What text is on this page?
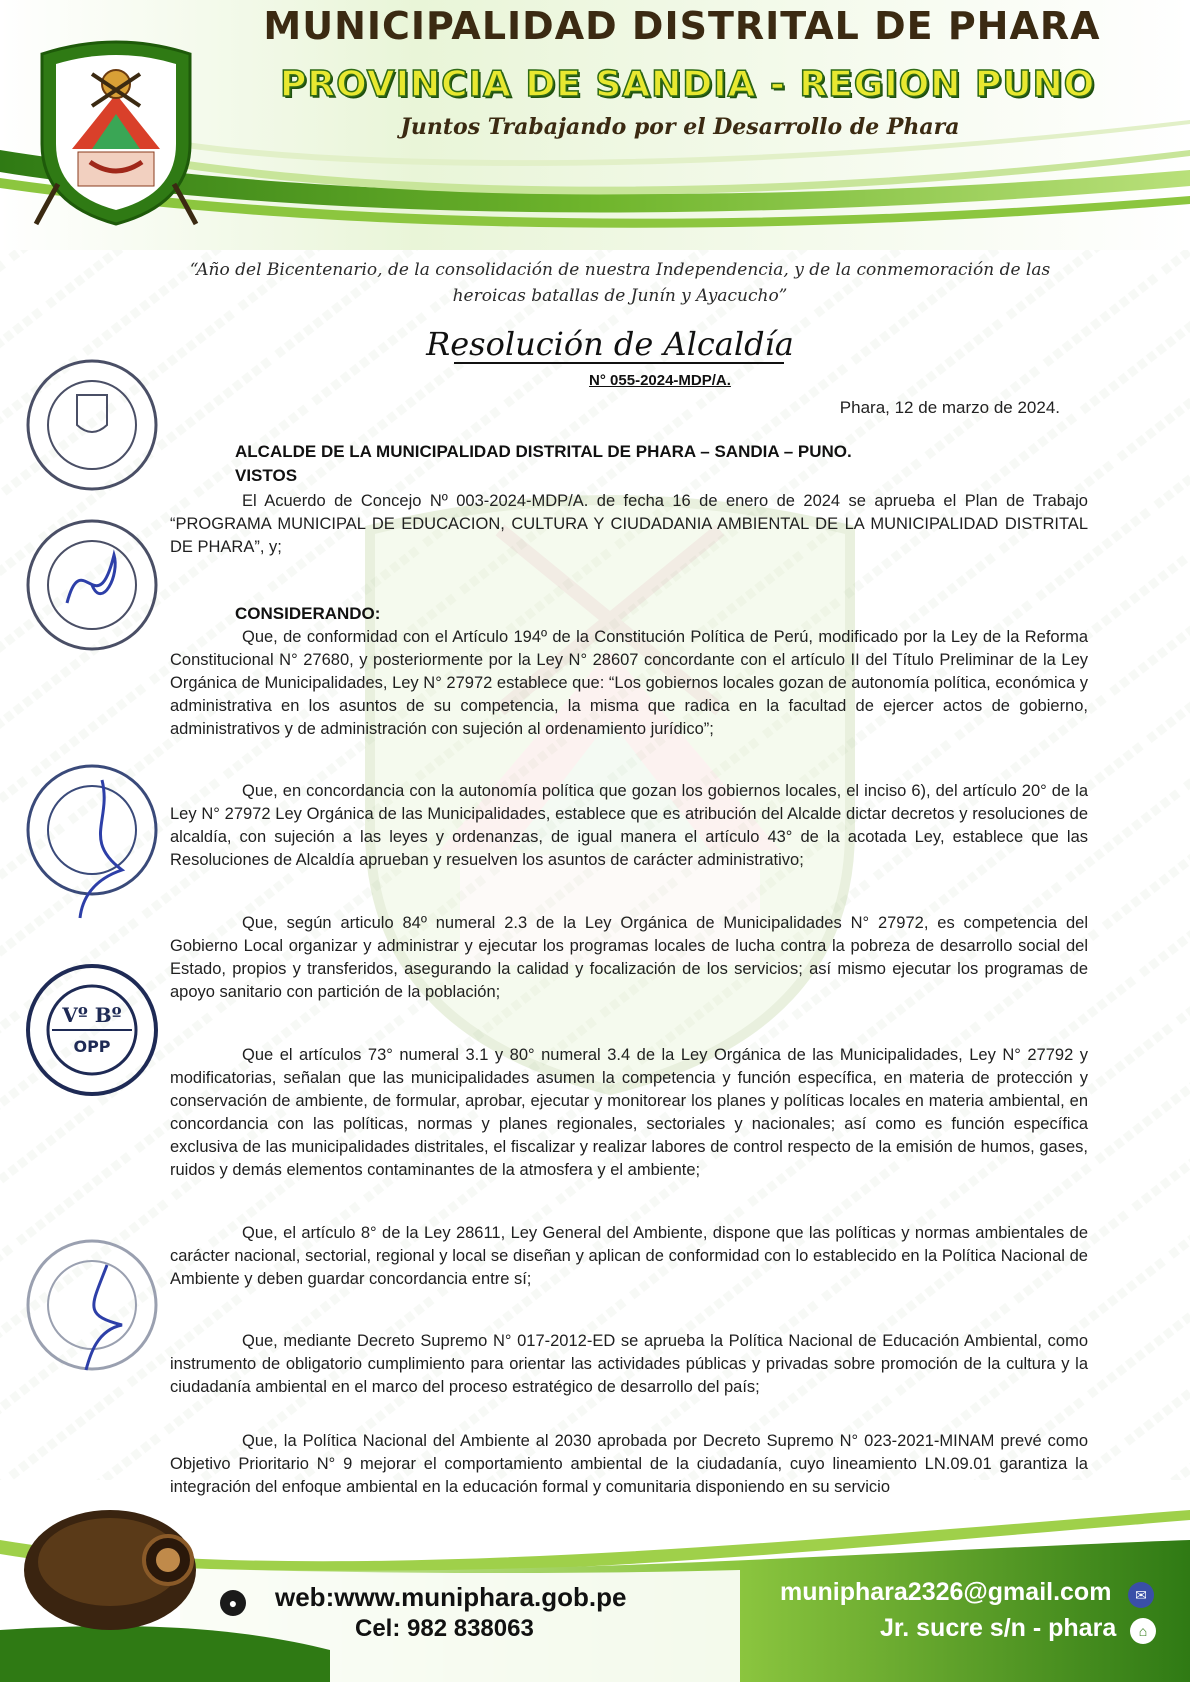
MUNICIPALIDAD DISTRITAL DE PHARA
PROVINCIA DE SANDIA - REGION PUNO
Juntos Trabajando por el Desarrollo de Phara
“Año del Bicentenario, de la consolidación de nuestra Independencia, y de la conmemoración de las heroicas batallas de Junín y Ayacucho”
Resolución de Alcaldía
N° 055-2024-MDP/A.
Phara, 12 de marzo de 2024.
ALCALDE DE LA MUNICIPALIDAD DISTRITAL DE PHARA – SANDIA – PUNO.
VISTOS
El Acuerdo de Concejo Nº 003-2024-MDP/A. de fecha 16 de enero de 2024 se aprueba el Plan de Trabajo “PROGRAMA MUNICIPAL DE EDUCACION, CULTURA Y CIUDADANIA AMBIENTAL DE LA MUNICIPALIDAD DISTRITAL DE PHARA”, y;
CONSIDERANDO:
Que, de conformidad con el Artículo 194º de la Constitución Política de Perú, modificado por la Ley de la Reforma Constitucional N° 27680, y posteriormente por la Ley N° 28607 concordante con el artículo II del Título Preliminar de la Ley Orgánica de Municipalidades, Ley N° 27972 establece que: “Los gobiernos locales gozan de autonomía política, económica y administrativa en los asuntos de su competencia, la misma que radica en la facultad de ejercer actos de gobierno, administrativos y de administración con sujeción al ordenamiento jurídico”;
Que, en concordancia con la autonomía política que gozan los gobiernos locales, el inciso 6), del artículo 20° de la Ley N° 27972 Ley Orgánica de las Municipalidades, establece que es atribución del Alcalde dictar decretos y resoluciones de alcaldía, con sujeción a las leyes y ordenanzas, de igual manera el artículo 43° de la acotada Ley, establece que las Resoluciones de Alcaldía aprueban y resuelven los asuntos de carácter administrativo;
Que, según articulo 84º numeral 2.3 de la Ley Orgánica de Municipalidades N° 27972, es competencia del Gobierno Local organizar y administrar y ejecutar los programas locales de lucha contra la pobreza de desarrollo social del Estado, propios y transferidos, asegurando la calidad y focalización de los servicios; así mismo ejecutar los programas de apoyo sanitario con partición de la población;
Que el artículos 73° numeral 3.1 y 80° numeral 3.4 de la Ley Orgánica de las Municipalidades, Ley N° 27792 y modificatorias, señalan que las municipalidades asumen la competencia y función específica, en materia de protección y conservación de ambiente, de formular, aprobar, ejecutar y monitorear los planes y políticas locales en materia ambiental, en concordancia con las políticas, normas y planes regionales, sectoriales y nacionales; así como es función específica exclusiva de las municipalidades distritales, el fiscalizar y realizar labores de control respecto de la emisión de humos, gases, ruidos y demás elementos contaminantes de la atmosfera y el ambiente;
Que, el artículo 8° de la Ley 28611, Ley General del Ambiente, dispone que las políticas y normas ambientales de carácter nacional, sectorial, regional y local se diseñan y aplican de conformidad con lo establecido en la Política Nacional de Ambiente y deben guardar concordancia entre sí;
Que, mediante Decreto Supremo N° 017-2012-ED se aprueba la Política Nacional de Educación Ambiental, como instrumento de obligatorio cumplimiento para orientar las actividades públicas y privadas sobre promoción de la cultura y la ciudadanía ambiental en el marco del proceso estratégico de desarrollo del país;
Que, la Política Nacional del Ambiente al 2030 aprobada por Decreto Supremo N° 023-2021-MINAM prevé como Objetivo Prioritario N° 9 mejorar el comportamiento ambiental de la ciudadanía, cuyo lineamiento LN.09.01 garantiza la integración del enfoque ambiental en la educación formal y comunitaria disponiendo en su servicio
Vº Bº
OPP
●	web:www.muniphara.gob.pe
Cel: 982 838063
muniphara2326@gmail.com	✉
Jr. sucre s/n - phara	⌂
